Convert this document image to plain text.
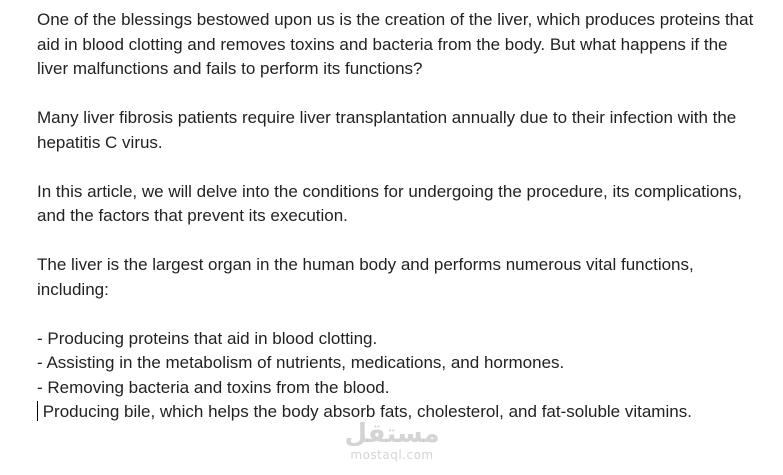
One of the blessings bestowed upon us is the creation of the liver, which produces proteins that aid in blood clotting and removes toxins and bacteria from the body. But what happens if the liver malfunctions and fails to perform its functions?

Many liver fibrosis patients require liver transplantation annually due to their infection with the hepatitis C virus.

In this article, we will delve into the conditions for undergoing the procedure, its complications, and the factors that prevent its execution.

The liver is the largest organ in the human body and performs numerous vital functions, including:

- Producing proteins that aid in blood clotting.
- Assisting in the metabolism of nutrients, medications, and hormones.
- Removing bacteria and toxins from the blood.
Producing bile, which helps the body absorb fats, cholesterol, and fat-soluble vitamins.
مستقل
mostaql.com
